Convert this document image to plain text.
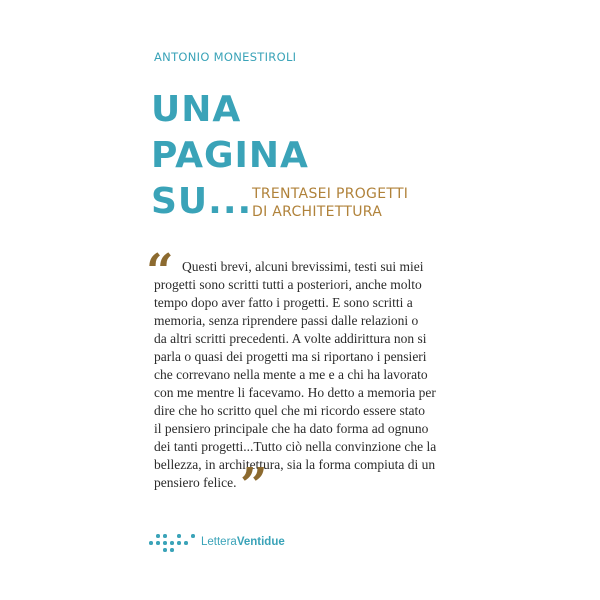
ANTONIO MONESTIROLI
UNA
PAGINA
SU... TRENTASEI PROGETTI
DI ARCHITETTURA
“ Questi brevi, alcuni brevissimi, testi sui miei
progetti sono scritti tutti a posteriori, anche molto
tempo dopo aver fatto i progetti. E sono scritti a
memoria, senza riprendere passi dalle relazioni o
da altri scritti precedenti. A volte addirittura non si
parla o quasi dei progetti ma si riportano i pensieri
che correvano nella mente a me e a chi ha lavorato
con me mentre li facevamo. Ho detto a memoria per
dire che ho scritto quel che mi ricordo essere stato
il pensiero principale che ha dato forma ad ognuno
dei tanti progetti...Tutto ciò nella convinzione che la
bellezza, in architettura, sia la forma compiuta di un
pensiero felice. ”
LetteraVentidue
